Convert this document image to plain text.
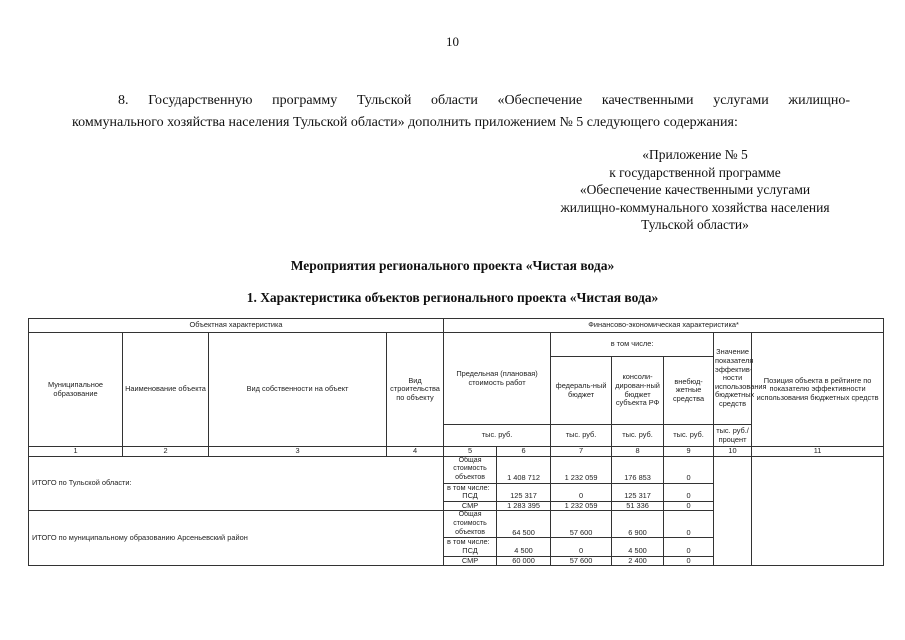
10
8. Государственную программу Тульской области «Обеспечение качественными услугами жилищно-
коммунального хозяйства населения Тульской области» дополнить приложением № 5 следующего содержания:
«Приложение № 5
к государственной программе
«Обеспечение качественными услугами
жилищно-коммунального хозяйства населения
Тульской области»
Мероприятия регионального проекта «Чистая вода»
1. Характеристика объектов регионального проекта «Чистая вода»
Объектная характеристика				Финансово-экономическая характеристика*						
Муниципальное образование	Наименование объекта	Вид собственности на объект	Вид строительства по объекту	Предельная (плановая) стоимость работ		в том числе:			Значение показателя эффектив-ности использования бюджетных средств	Позиция объекта в рейтинге по показателю эффективности использования бюджетных средств
						федераль-ный бюджет	консоли-дирован-ный бюджет субъекта РФ	внебюд-жетные средства		
				тыс. руб.		тыс. руб.	тыс. руб.	тыс. руб.	тыс. руб./ процент	
1	2	3	4	5	6	7	8	9	10	11
ИТОГО по Тульской области:				Общая стоимость объектов	1 408 712	1 232 059	176 853	0		
				в том числе:						
				ПСД	125 317	0	125 317	0		
				СМР	1 283 395	1 232 059	51 336	0		
ИТОГО по муниципальному образованию Арсеньевский район				Общая стоимость объектов	64 500	57 600	6 900	0		
				в том числе:						
				ПСД	4 500	0	4 500	0		
				СМР	60 000	57 600	2 400	0		
